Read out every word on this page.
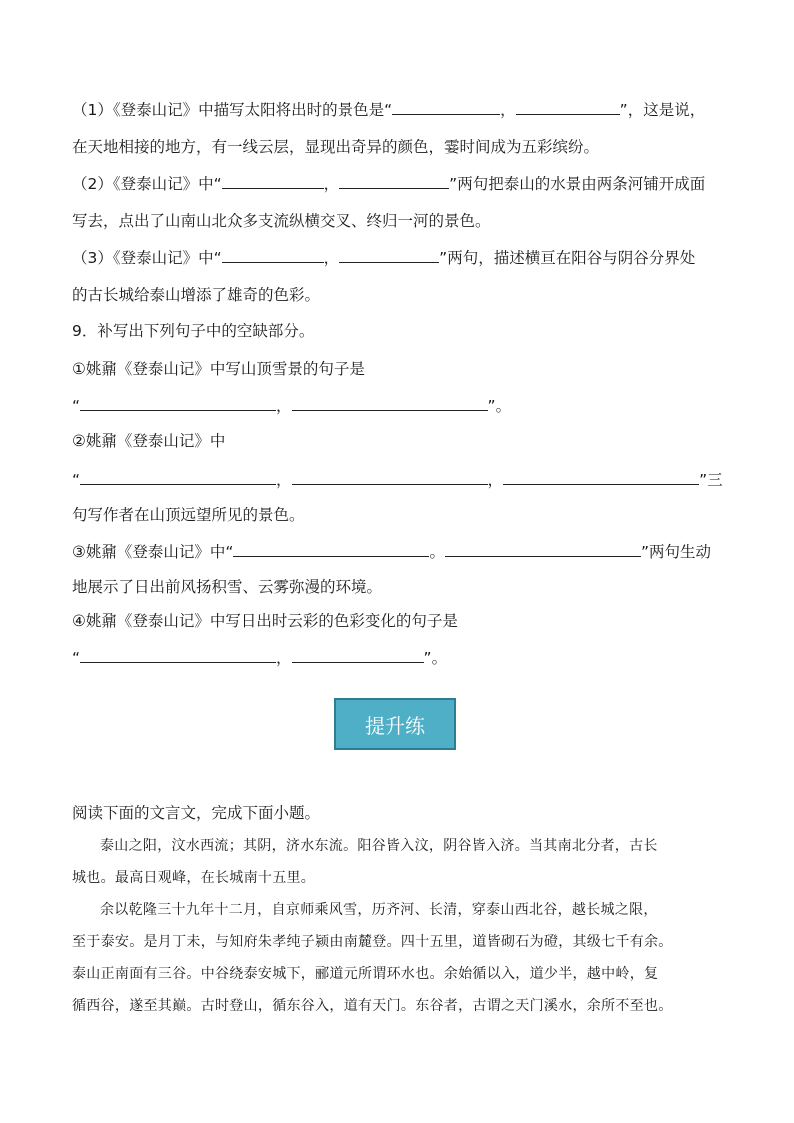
（1）《登泰山记》中描写太阳将出时的景色是“	，	”，这是说，
在天地相接的地方，有一线云层，显现出奇异的颜色，霎时间成为五彩缤纷。
（2）《登泰山记》中“	，	”两句把泰山的水景由两条河铺开成面
写去，点出了山南山北众多支流纵横交叉、终归一河的景色。
（3）《登泰山记》中“	，	”两句，描述横亘在阳谷与阴谷分界处
的古长城给泰山增添了雄奇的色彩。
9．补写出下列句子中的空缺部分。
①姚鼐《登泰山记》中写山顶雪景的句子是
“	，	”。
②姚鼐《登泰山记》中
“	，	，	”三
句写作者在山顶远望所见的景色。
③姚鼐《登泰山记》中“	。	”两句生动
地展示了日出前风扬积雪、云雾弥漫的环境。
④姚鼐《登泰山记》中写日出时云彩的色彩变化的句子是
“	，	”。
提升练
阅读下面的文言文，完成下面小题。
泰山之阳，汶水西流；其阴，济水东流。阳谷皆入汶，阴谷皆入济。当其南北分者，古长
城也。最高日观峰，在长城南十五里。
余以乾隆三十九年十二月，自京师乘风雪，历齐河、长清，穿泰山西北谷，越长城之限，
至于泰安。是月丁未，与知府朱孝纯子颍由南麓登。四十五里，道皆砌石为磴，其级七千有余。
泰山正南面有三谷。中谷绕泰安城下，郦道元所谓环水也。余始循以入，道少半，越中岭，复
循西谷，遂至其巅。古时登山，循东谷入，道有天门。东谷者，古谓之天门溪水，余所不至也。
